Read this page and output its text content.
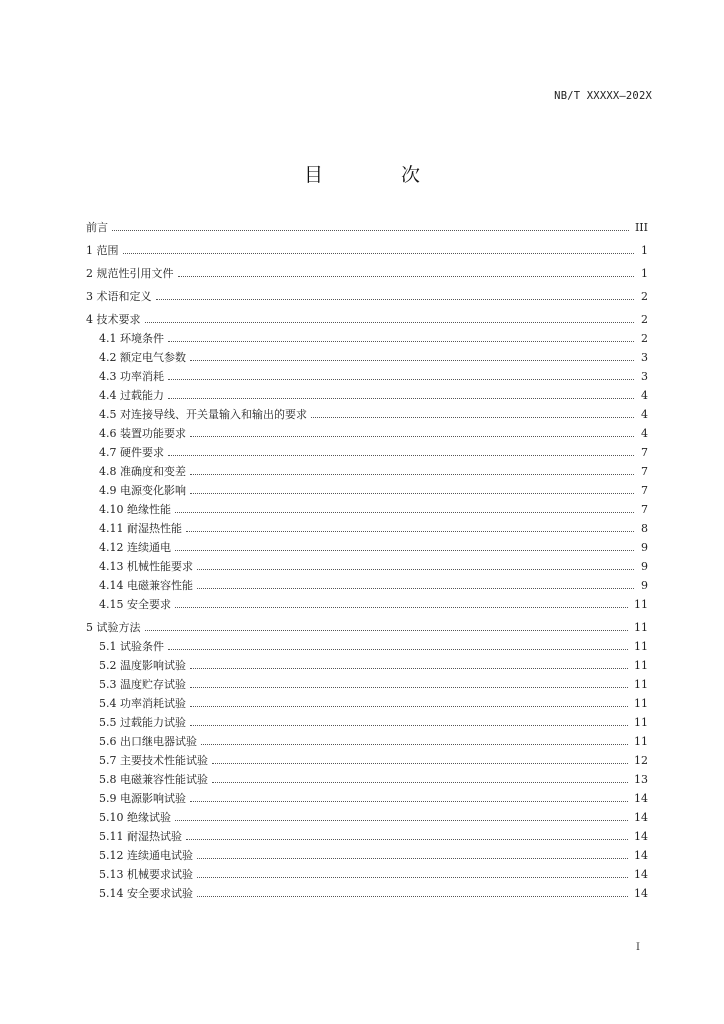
NB/T XXXXX—202X
目 次
前言	III
1 范围	1
2 规范性引用文件	1
3 术语和定义	2
4 技术要求	2
4.1 环境条件	2
4.2 额定电气参数	3
4.3 功率消耗	3
4.4 过载能力	4
4.5 对连接导线、开关量输入和输出的要求	4
4.6 装置功能要求	4
4.7 硬件要求	7
4.8 准确度和变差	7
4.9 电源变化影响	7
4.10 绝缘性能	7
4.11 耐湿热性能	8
4.12 连续通电	9
4.13 机械性能要求	9
4.14 电磁兼容性能	9
4.15 安全要求	11
5 试验方法	11
5.1 试验条件	11
5.2 温度影响试验	11
5.3 温度贮存试验	11
5.4 功率消耗试验	11
5.5 过载能力试验	11
5.6 出口继电器试验	11
5.7 主要技术性能试验	12
5.8 电磁兼容性能试验	13
5.9 电源影响试验	14
5.10 绝缘试验	14
5.11 耐湿热试验	14
5.12 连续通电试验	14
5.13 机械要求试验	14
5.14 安全要求试验	14
I
